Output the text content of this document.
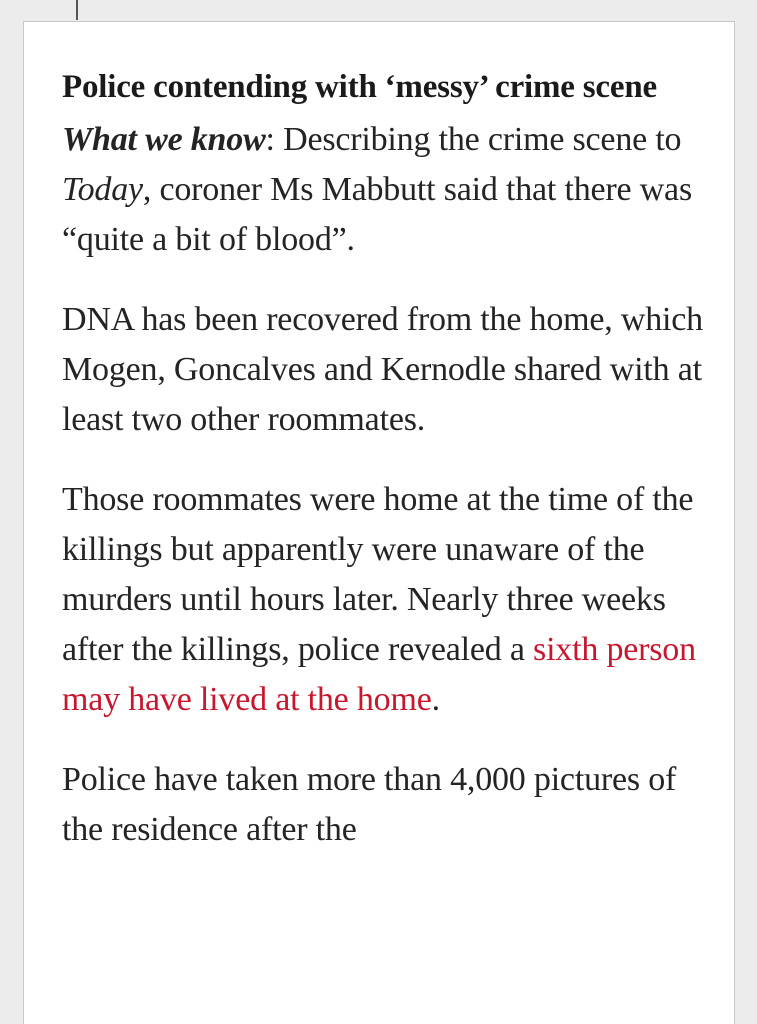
Police contending with ‘messy’ crime scene

What we know: Describing the crime scene to Today, coroner Ms Mabbutt said that there was “quite a bit of blood”.

DNA has been recovered from the home, which Mogen, Goncalves and Kernodle shared with at least two other roommates.

Those roommates were home at the time of the killings but apparently were unaware of the murders until hours later. Nearly three weeks after the killings, police revealed a sixth person may have lived at the home.

Police have taken more than 4,000 pictures of the residence after the
